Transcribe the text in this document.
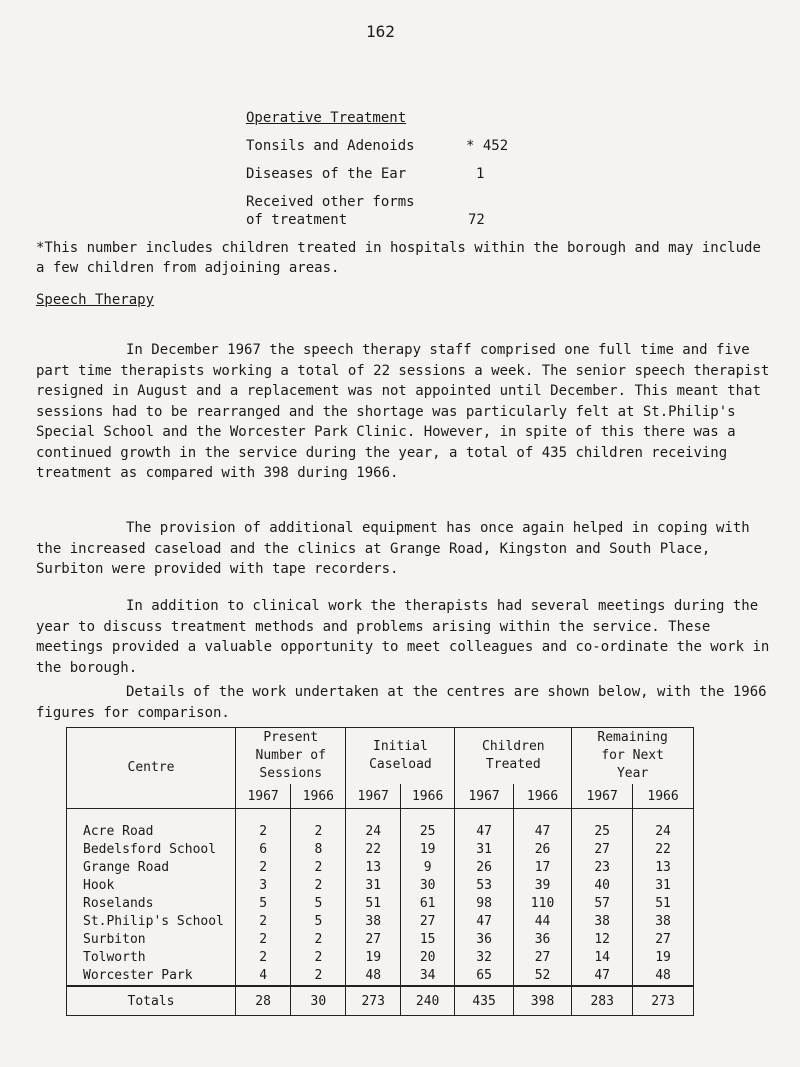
162
Operative Treatment
Tonsils and Adenoids	* 452
Diseases of the Ear	1
Received other forms
of treatment	72
*This number includes children treated in hospitals within the borough and may include a few children from adjoining areas.
Speech Therapy
In December 1967 the speech therapy staff comprised one full time and five part time therapists working a total of 22 sessions a week. The senior speech therapist resigned in August and a replacement was not appointed until December. This meant that sessions had to be rearranged and the shortage was particularly felt at St.Philip's Special School and the Worcester Park Clinic. However, in spite of this there was a continued growth in the service during the year, a total of 435 children receiving treatment as compared with 398 during 1966.
The provision of additional equipment has once again helped in coping with the increased caseload and the clinics at Grange Road, Kingston and South Place, Surbiton were provided with tape recorders.
In addition to clinical work the therapists had several meetings during the year to discuss treatment methods and problems arising within the service. These meetings provided a valuable opportunity to meet colleagues and co-ordinate the work in the borough.
Details of the work undertaken at the centres are shown below, with the 1966 figures for comparison.
Centre	Present Number of Sessions		Initial Caseload		Children Treated		Remaining for Next Year	
	1967	1966	1967	1966	1967	1966	1967	1966

Acre Road	2	2	24	25	47	47	25	24
Bedelsford School	6	8	22	19	31	26	27	22
Grange Road	2	2	13	9	26	17	23	13
Hook	3	2	31	30	53	39	40	31
Roselands	5	5	51	61	98	110	57	51
St.Philip's School	2	5	38	27	47	44	38	38
Surbiton	2	2	27	15	36	36	12	27
Tolworth	2	2	19	20	32	27	14	19
Worcester Park	4	2	48	34	65	52	47	48
Totals	28	30	273	240	435	398	283	273
